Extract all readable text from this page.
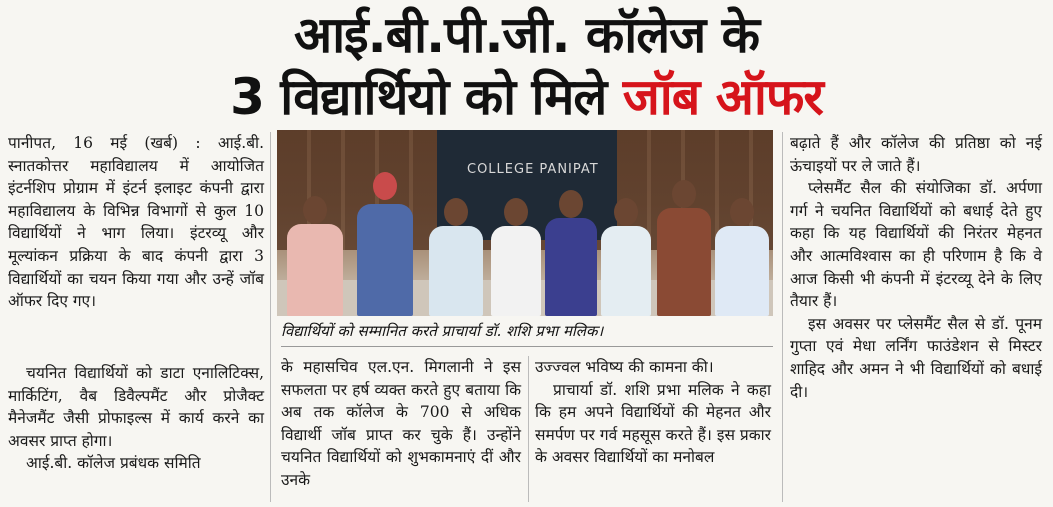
आई.बी.पी.जी. कॉलेज के
3 विद्यार्थियो को मिले जॉब ऑफर

पानीपत, 16 मई (खर्ब) : आई.बी. स्नातकोत्तर महाविद्यालय में आयोजित इंटर्नशिप प्रोग्राम में इंटर्न इलाइट कंपनी द्वारा महाविद्यालय के विभिन्न विभागों से कुल 10 विद्यार्थियों ने भाग लिया। इंटरव्यू और मूल्यांकन प्रक्रिया के बाद कंपनी द्वारा 3 विद्यार्थियों का चयन किया गया और उन्हें जॉब ऑफर दिए गए।

चयनित विद्यार्थियों को डाटा एनालिटिक्स, मार्किटिंग, वैब डिवैल्पमैंट और प्रोजैक्ट मैनेजमैंट जैसी प्रोफाइल्स में कार्य करने का अवसर प्राप्त होगा।

आई.बी. कॉलेज प्रबंधक समिति

COLLEGE PANIPAT
विद्यार्थियों को सम्मानित करते प्राचार्या डॉ. शशि प्रभा मलिक।

के महासचिव एल.एन. मिगलानी ने इस सफलता पर हर्ष व्यक्त करते हुए बताया कि अब तक कॉलेज के 700 से अधिक विद्यार्थी जॉब प्राप्त कर चुके हैं। उन्होंने चयनित विद्यार्थियों को शुभकामनाएं दीं और उनके

उज्ज्वल भविष्य की कामना की।

प्राचार्या डॉ. शशि प्रभा मलिक ने कहा कि हम अपने विद्यार्थियों की मेहनत और समर्पण पर गर्व महसूस करते हैं। इस प्रकार के अवसर विद्यार्थियों का मनोबल

बढ़ाते हैं और कॉलेज की प्रतिष्ठा को नई ऊंचाइयों पर ले जाते हैं।

प्लेसमैंट सैल की संयोजिका डॉ. अर्पणा गर्ग ने चयनित विद्यार्थियों को बधाई देते हुए कहा कि यह विद्यार्थियों की निरंतर मेहनत और आत्मविश्वास का ही परिणाम है कि वे आज किसी भी कंपनी में इंटरव्यू देने के लिए तैयार हैं।

इस अवसर पर प्लेसमैंट सैल से डॉ. पूनम गुप्ता एवं मेधा लर्निंग फाउंडेशन से मिस्टर शाहिद और अमन ने भी विद्यार्थियों को बधाई दी।
